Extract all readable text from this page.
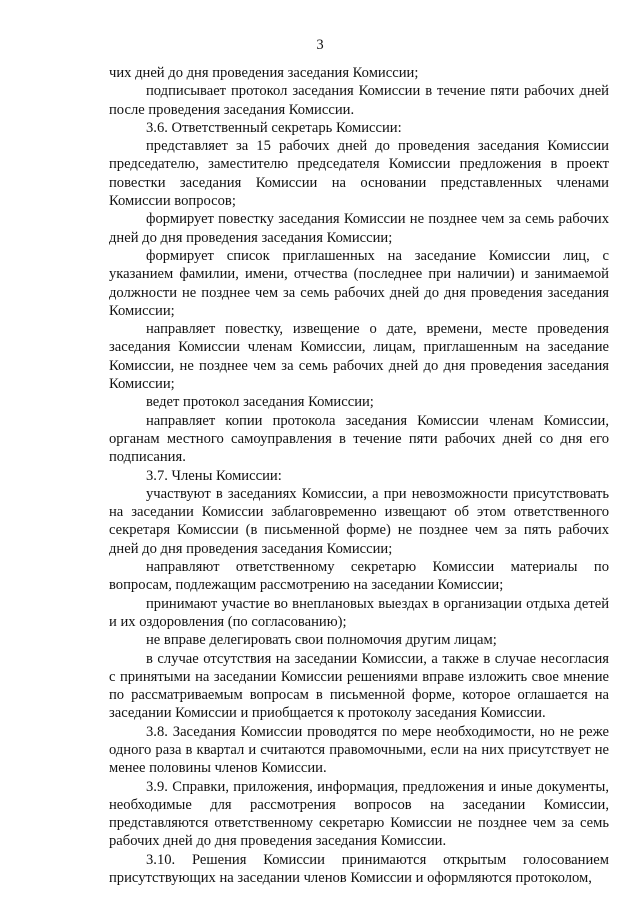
3

чих дней до дня проведения заседания Комиссии;

подписывает протокол заседания Комиссии в течение пяти рабочих дней после проведения заседания Комиссии.

3.6. Ответственный секретарь Комиссии:

представляет за 15 рабочих дней до проведения заседания Комиссии председателю, заместителю председателя Комиссии предложения в проект повестки заседания Комиссии на основании представленных членами Комиссии вопросов;

формирует повестку заседания Комиссии не позднее чем за семь рабочих дней до дня проведения заседания Комиссии;

формирует список приглашенных на заседание Комиссии лиц, с указанием фамилии, имени, отчества (последнее при наличии) и занимаемой должности не позднее чем за семь рабочих дней до дня проведения заседания Комиссии;

направляет повестку, извещение о дате, времени, месте проведения заседания Комиссии членам Комиссии, лицам, приглашенным на заседание Комиссии, не позднее чем за семь рабочих дней до дня проведения заседания Комиссии;

ведет протокол заседания Комиссии;

направляет копии протокола заседания Комиссии членам Комиссии, органам местного самоуправления в течение пяти рабочих дней со дня его подписания.

3.7. Члены Комиссии:

участвуют в заседаниях Комиссии, а при невозможности присутствовать на заседании Комиссии заблаговременно извещают об этом ответственного секретаря Комиссии (в письменной форме) не позднее чем за пять рабочих дней до дня проведения заседания Комиссии;

направляют ответственному секретарю Комиссии материалы по вопросам, подлежащим рассмотрению на заседании Комиссии;

принимают участие во внеплановых выездах в организации отдыха детей и их оздоровления (по согласованию);

не вправе делегировать свои полномочия другим лицам;

в случае отсутствия на заседании Комиссии, а также в случае несогласия с принятыми на заседании Комиссии решениями вправе изложить свое мнение по рассматриваемым вопросам в письменной форме, которое оглашается на заседании Комиссии и приобщается к протоколу заседания Комиссии.

3.8. Заседания Комиссии проводятся по мере необходимости, но не реже одного раза в квартал и считаются правомочными, если на них присутствует не менее половины членов Комиссии.

3.9. Справки, приложения, информация, предложения и иные документы, необходимые для рассмотрения вопросов на заседании Комиссии, представляются ответственному секретарю Комиссии не позднее чем за семь рабочих дней до дня проведения заседания Комиссии.

3.10. Решения Комиссии принимаются открытым голосованием присутствующих на заседании членов Комиссии и оформляются протоколом,
